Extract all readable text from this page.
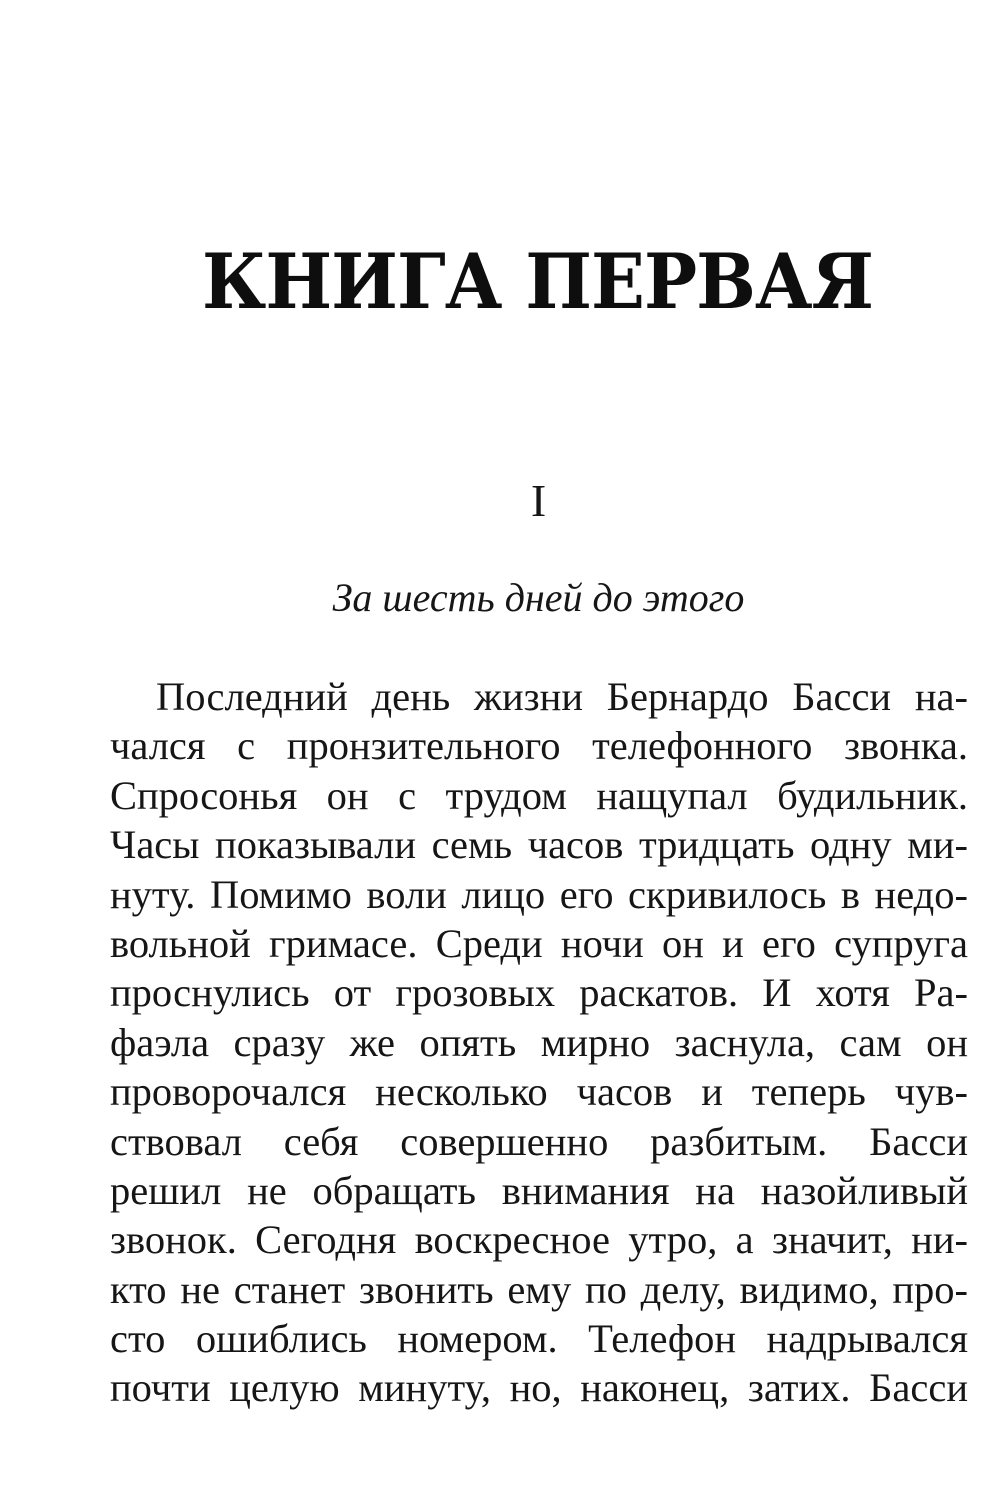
КНИГА ПЕРВАЯ
I

За шесть дней до этого

Последний день жизни Бернардо Басси на-
чался с пронзительного телефонного звонка.
Спросонья он с трудом нащупал будильник.
Часы показывали семь часов тридцать одну ми-
нуту. Помимо воли лицо его скривилось в недо-
вольной гримасе. Среди ночи он и его супруга
проснулись от грозовых раскатов. И хотя Ра-
фаэла сразу же опять мирно заснула, сам он
проворочался несколько часов и теперь чув-
ствовал себя совершенно разбитым. Басси
решил не обращать внимания на назойливый
звонок. Сегодня воскресное утро, а значит, ни-
кто не станет звонить ему по делу, видимо, про-
сто ошиблись номером. Телефон надрывался
почти целую минуту, но, наконец, затих. Басси
